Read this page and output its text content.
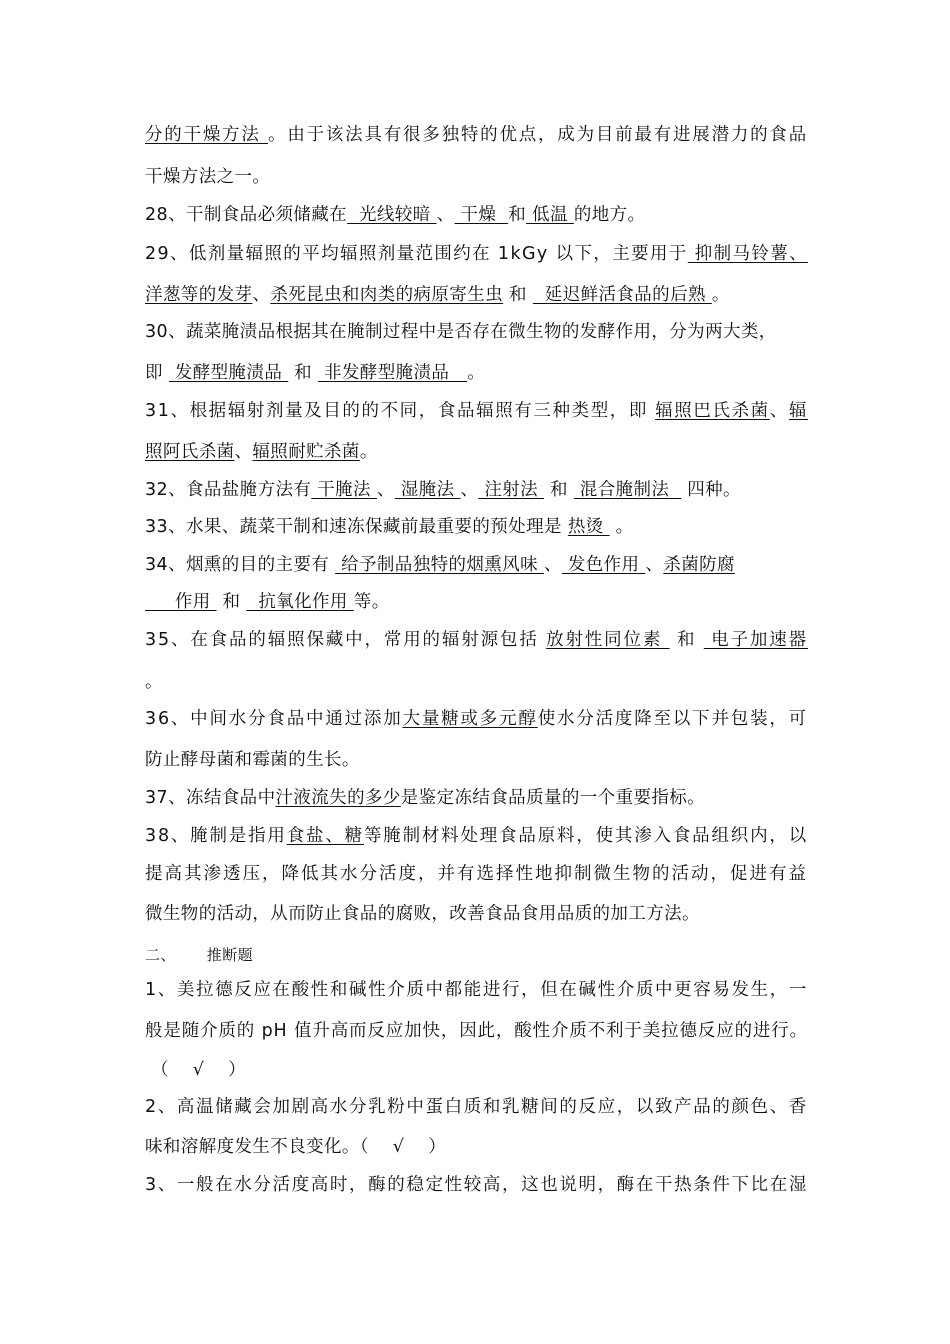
分的干燥方法 。由于该法具有很多独特的优点，成为目前最有进展潜力的食品
干燥方法之一。
28、干制食品必须储藏在  光线较暗 、 干燥  和 低温 的地方。
29、低剂量辐照的平均辐照剂量范围约在 1kGy 以下，主要用于 抑制马铃薯、
洋葱等的发芽、杀死昆虫和肉类的病原寄生虫 和   延迟鲜活食品的后熟 。
30、蔬菜腌渍品根据其在腌制过程中是否存在微生物的发酵作用，分为两大类，
即  发酵型腌渍品  和  非发酵型腌渍品   。
31、根据辐射剂量及目的的不同，食品辐照有三种类型，即 辐照巴氏杀菌、辐
照阿氏杀菌、辐照耐贮杀菌。
32、食品盐腌方法有 干腌法 、 湿腌法 、 注射法  和  混合腌制法   四种。
33、水果、蔬菜干制和速冻保藏前最重要的预处理是 热烫  。
34、烟熏的目的主要有  给予制品独特的烟熏风味 、 发色作用 、杀菌防腐
作用  和   抗氧化作用 等。
35、在食品的辐照保藏中，常用的辐射源包括 放射性同位素  和  电子加速器
。
36、中间水分食品中通过添加大量糖或多元醇使水分活度降至以下并包装，可
防止酵母菌和霉菌的生长。
37、冻结食品中汁液流失的多少是鉴定冻结食品质量的一个重要指标。
38、腌制是指用食盐、糖等腌制材料处理食品原料，使其渗入食品组织内，以
提高其渗透压，降低其水分活度，并有选择性地抑制微生物的活动，促进有益
微生物的活动，从而防止食品的腐败，改善食品食用品质的加工方法。
二、      推断题
1、美拉德反应在酸性和碱性介质中都能进行，但在碱性介质中更容易发生，一
般是随介质的 pH 值升高而反应加快，因此，酸性介质不利于美拉德反应的进行。
（    √    ）
2、高温储藏会加剧高水分乳粉中蛋白质和乳糖间的反应，以致产品的颜色、香
味和溶解度发生不良变化。（    √    ）
3、一般在水分活度高时，酶的稳定性较高，这也说明，酶在干热条件下比在湿
